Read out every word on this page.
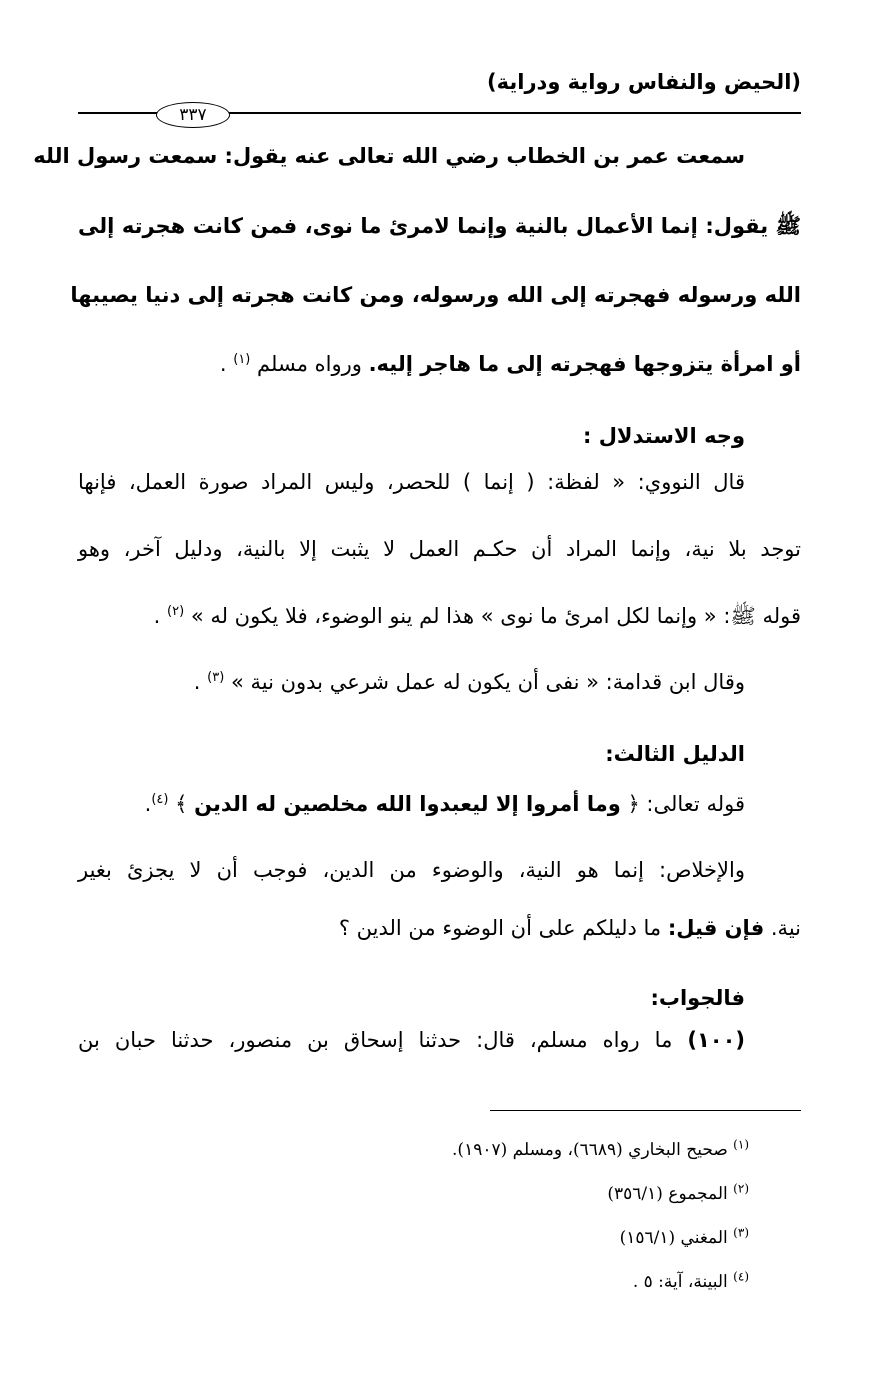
(الحيض والنفاس رواية ودراية)
٣٣٧
سمعت عمر بن الخطاب رضي الله تعالى عنه يقول: سمعت رسول الله
ﷺ يقول: إنما الأعمال بالنية وإنما لامرئ ما نوى، فمن كانت هجرته إلى
الله ورسوله فهجرته إلى الله ورسوله، ومن كانت هجرته إلى دنيا يصيبها
أو امرأة يتزوجها فهجرته إلى ما هاجر إليه. ورواه مسلم $^{(١)}$ .
وجه الاستدلال :
قال النووي: « لفظة: ( إنما ) للحصر، وليس المراد صورة العمل، فإنها
توجد بلا نية، وإنما المراد أن حكـم العمل لا يثبت إلا بالنية، ودليل آخر، وهو
قوله ﷺ: « وإنما لكل امرئ ما نوى » هذا لم ينو الوضوء، فلا يكون له » $^{(٢)}$ .
وقال ابن قدامة: « نفى أن يكون له عمل شرعي بدون نية » $^{(٣)}$ .
الدليل الثالث:
قوله تعالى: ﴿ وما أمروا إلا ليعبدوا الله مخلصين له الدين ﴾ $^{(٤)}$.
والإخلاص: إنما هو النية، والوضوء من الدين، فوجب أن لا يجزئ بغير
نية. فإن قيل: ما دليلكم على أن الوضوء من الدين ؟
فالجواب:
(١٠٠) ما رواه مسلم، قال: حدثنا إسحاق بن منصور، حدثنا حبان بن
$^{(١)}$ صحيح البخاري (٦٦٨٩)، ومسلم (١٩٠٧).
$^{(٢)}$ المجموع (٣٥٦/١)
$^{(٣)}$ المغني (١٥٦/١)
$^{(٤)}$ البينة، آية: ٥ .
